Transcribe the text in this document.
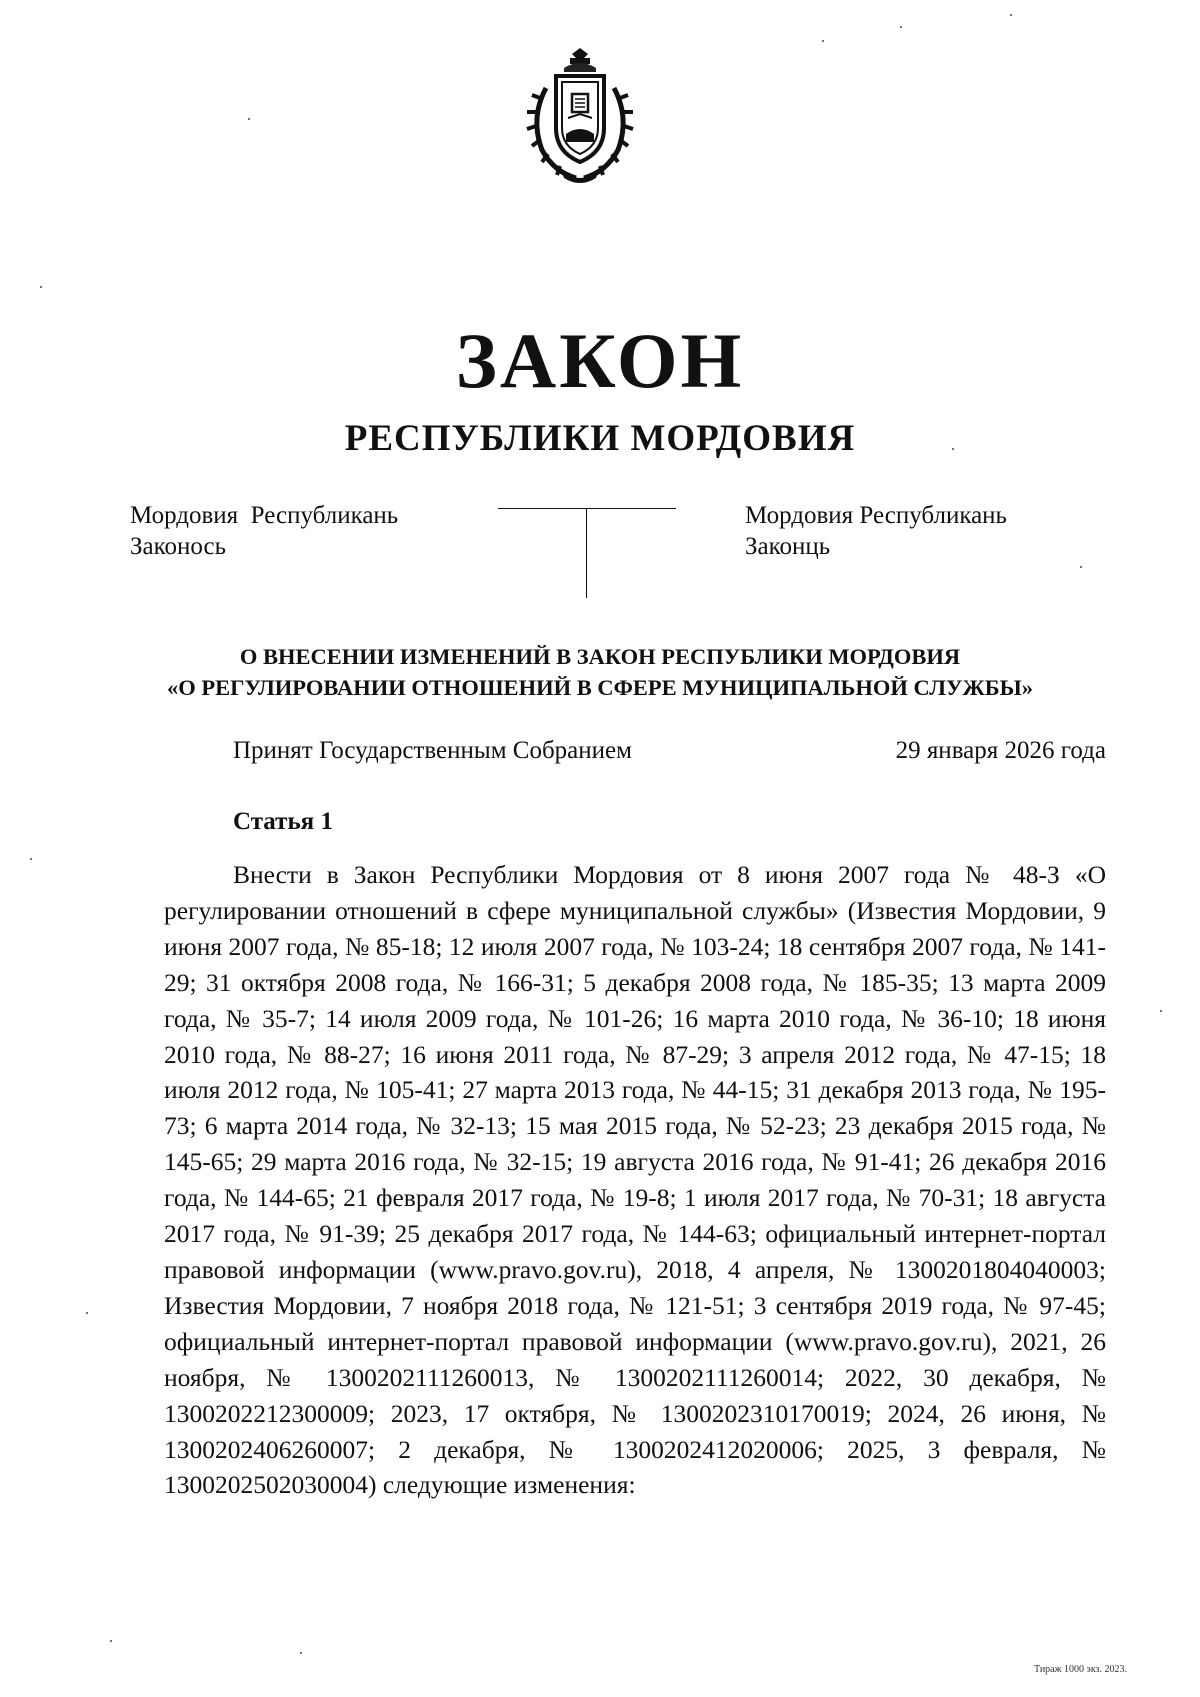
ЗАКОН
РЕСПУБЛИКИ МОРДОВИЯ
Мордовия  Республикань
Законось
Мордовия Республикань
Законць
О ВНЕСЕНИИ ИЗМЕНЕНИЙ В ЗАКОН РЕСПУБЛИКИ МОРДОВИЯ
«О РЕГУЛИРОВАНИИ ОТНОШЕНИЙ В СФЕРЕ МУНИЦИПАЛЬНОЙ СЛУЖБЫ»
Принят Государственным Собранием	29 января 2026 года
Статья 1

Внести в Закон Республики Мордовия от 8 июня 2007 года № 48-З «О регулировании отношений в сфере муниципальной службы» (Известия Мордовии, 9 июня 2007 года, № 85-18; 12 июля 2007 года, № 103-24; 18 сентября 2007 года, № 141-29; 31 октября 2008 года, № 166-31; 5 декабря 2008 года, № 185-35; 13 марта 2009 года, № 35-7; 14 июля 2009 года, № 101-26; 16 марта 2010 года, № 36-10; 18 июня 2010 года, № 88-27; 16 июня 2011 года, № 87-29; 3 апреля 2012 года, № 47-15; 18 июля 2012 года, № 105-41; 27 марта 2013 года, № 44-15; 31 декабря 2013 года, № 195-73; 6 марта 2014 года, № 32-13; 15 мая 2015 года, № 52-23; 23 декабря 2015 года, № 145-65; 29 марта 2016 года, № 32-15; 19 августа 2016 года, № 91-41; 26 декабря 2016 года, № 144-65; 21 февраля 2017 года, № 19-8; 1 июля 2017 года, № 70-31; 18 августа 2017 года, № 91-39; 25 декабря 2017 года, № 144-63; официальный интернет-портал правовой информации (www.pravo.gov.ru), 2018, 4 апреля, № 1300201804040003; Известия Мордовии, 7 ноября 2018 года, № 121-51; 3 сентября 2019 года, № 97-45; официальный интернет-портал правовой информации (www.pravo.gov.ru), 2021, 26 ноября, № 1300202111260013, № 1300202111260014; 2022, 30 декабря, № 1300202212300009; 2023, 17 октября, № 1300202310170019; 2024, 26 июня, № 1300202406260007; 2 декабря, № 1300202412020006; 2025, 3 февраля, № 1300202502030004) следующие изменения:

Тираж 1000 экз. 2023.
